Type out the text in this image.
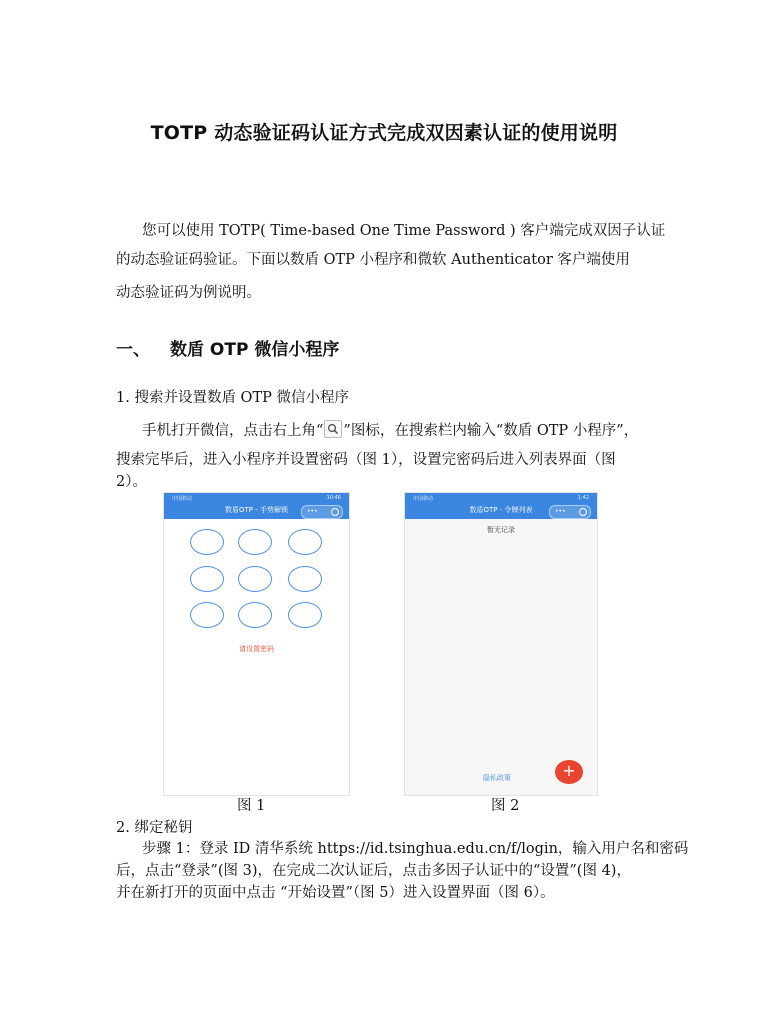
TOTP 动态验证码认证方式完成双因素认证的使用说明
您可以使用 TOTP( Time-based One Time Password ) 客户端完成双因子认证
的动态验证码验证。下面以数盾 OTP 小程序和微软 Authenticator 客户端使用
动态验证码为例说明。
一、 数盾 OTP 微信小程序
1. 搜索并设置数盾 OTP 微信小程序
手机打开微信，点击右上角“ ”图标，在搜索栏内输入“数盾 OTP 小程序”，
搜索完毕后，进入小程序并设置密码（图 1），设置完密码后进入列表界面（图
2）。
中国移动	10:46
数盾OTP - 手势解锁	•••
请设置密码
中国移动	1:42
数盾OTP - 令牌列表	•••
暂无记录
隐私政策	+
图 1	图 2
2. 绑定秘钥
步骤 1：登录 ID 清华系统 https://id.tsinghua.edu.cn/f/login，输入用户名和密码
后，点击“登录”(图 3)，在完成二次认证后，点击多因子认证中的“设置”(图 4)，
并在新打开的页面中点击 “开始设置”（图 5）进入设置界面（图 6）。
